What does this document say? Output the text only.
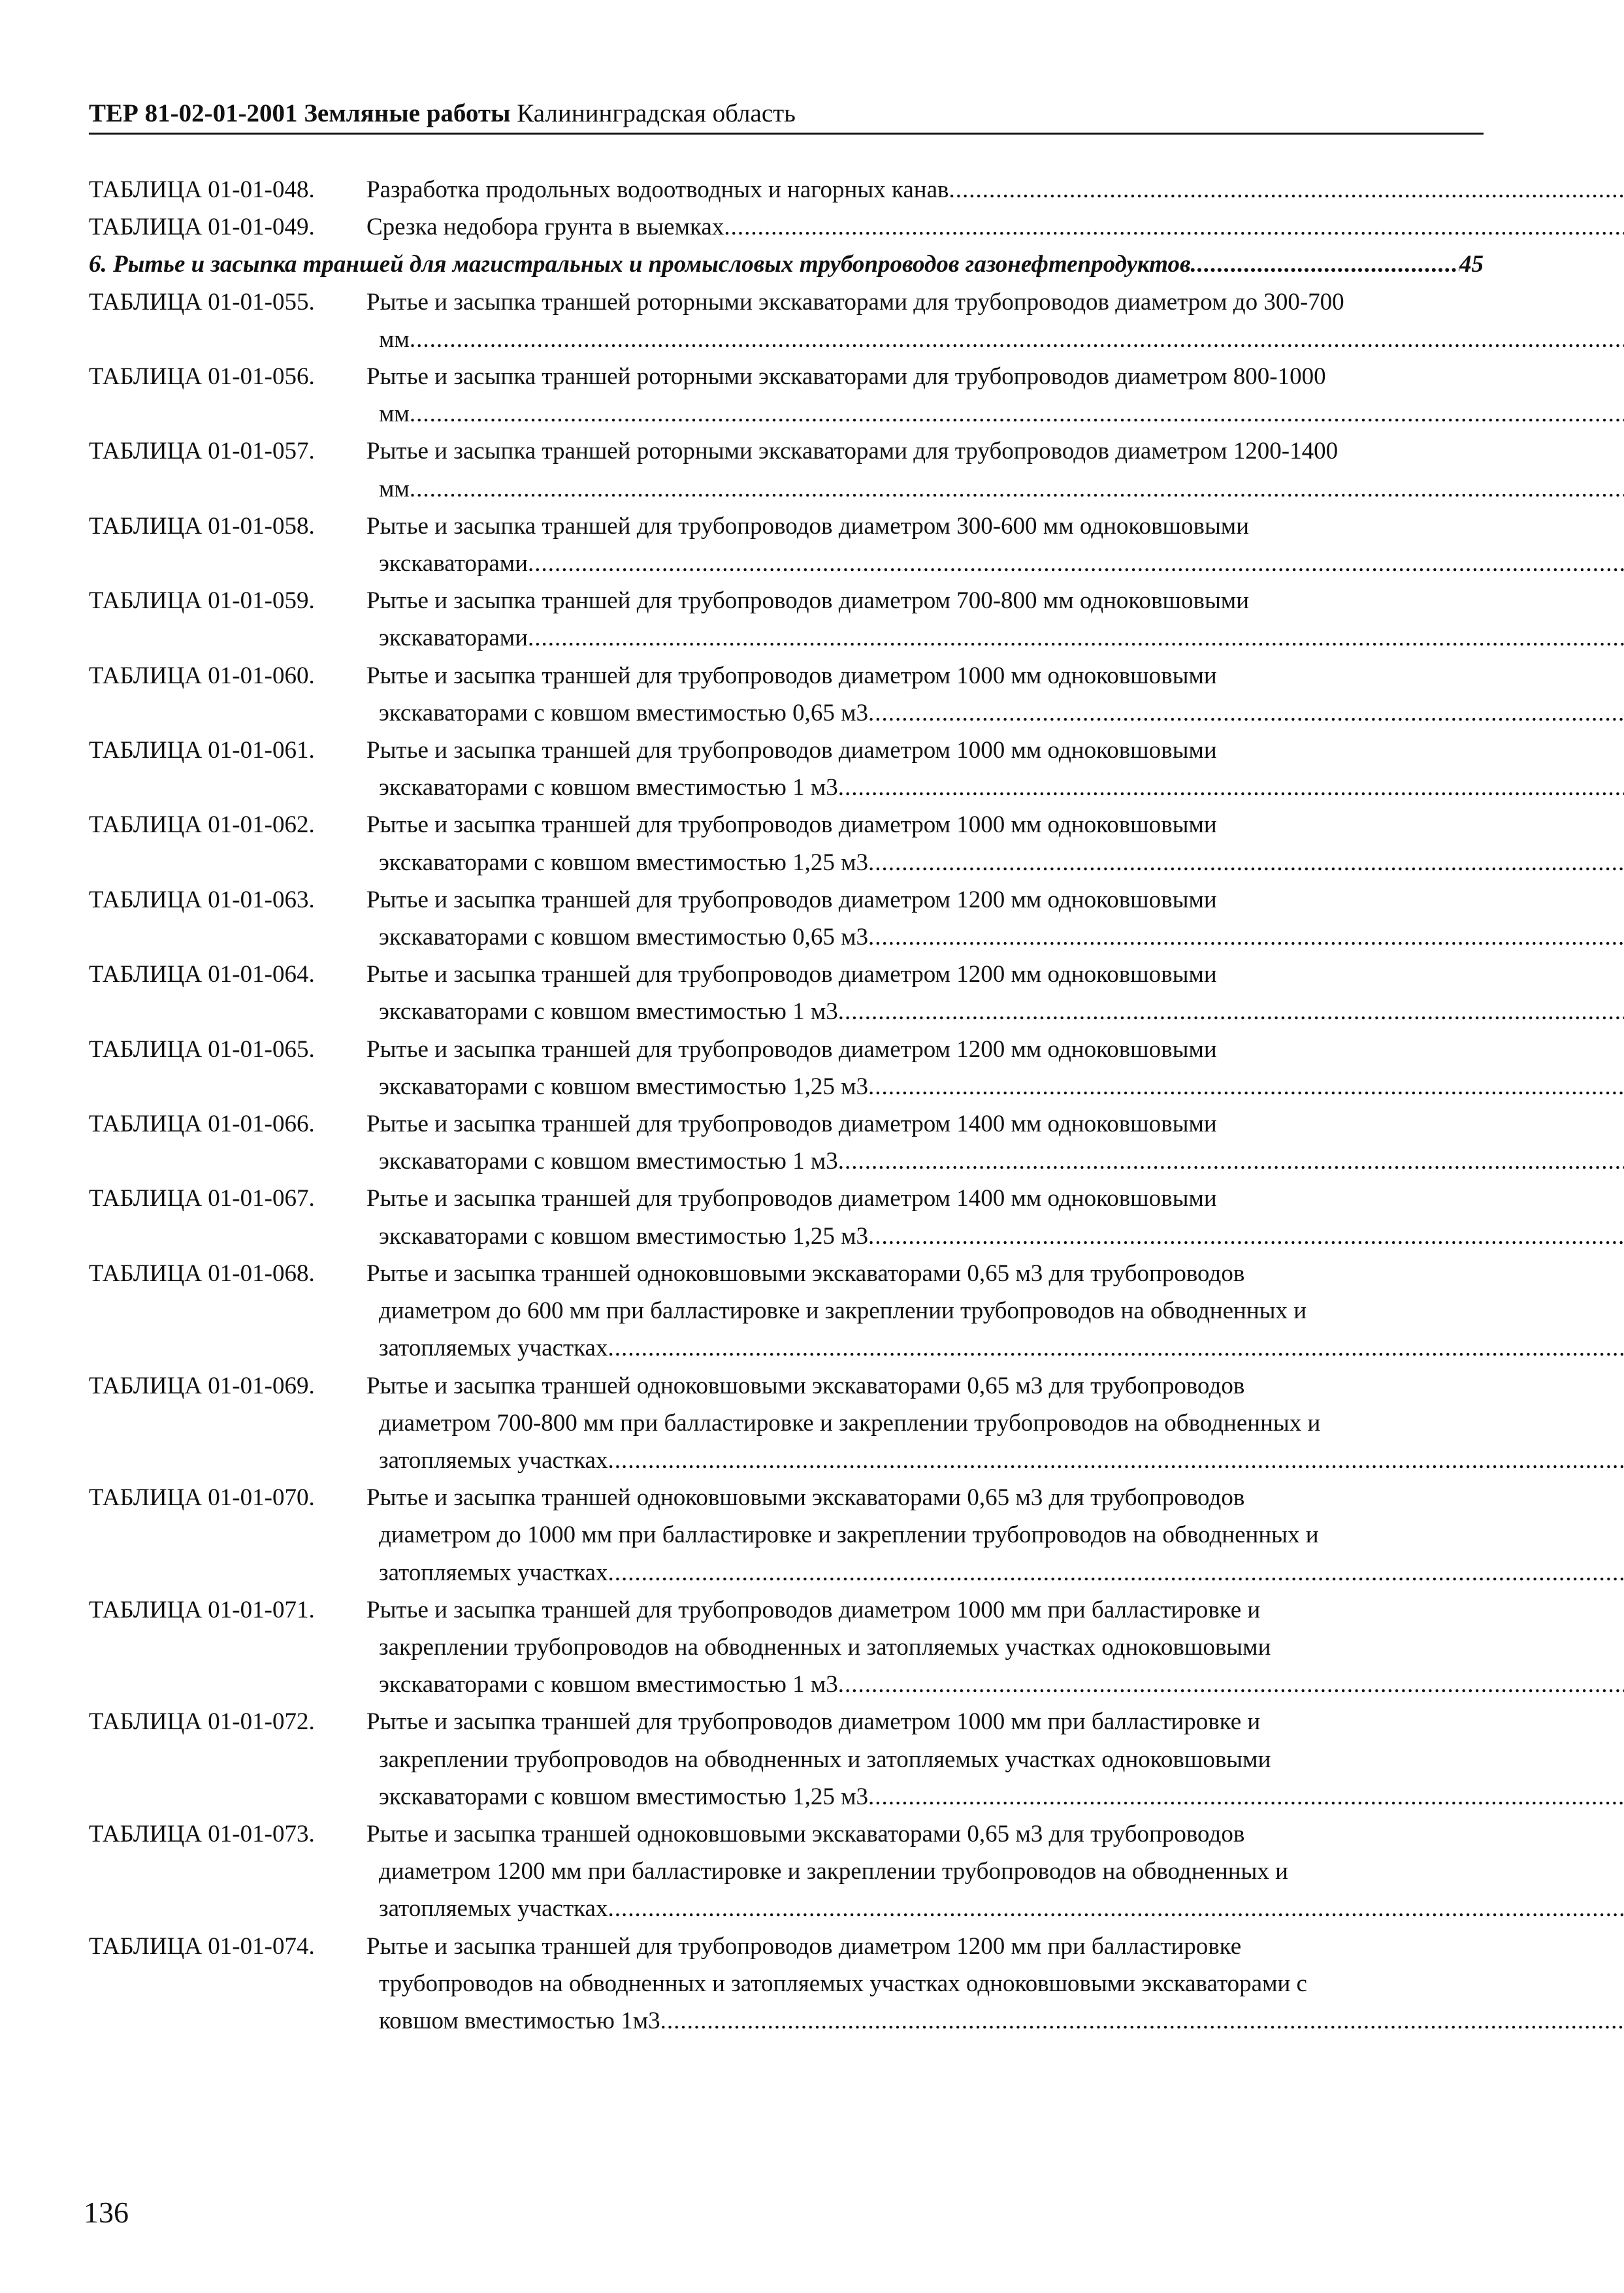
ТЕР 81-02-01-2001 Земляные работы Калининградская область
ТАБЛИЦА 01-01-048.	Разработка продольных водоотводных и нагорных канав
.....
ТАБЛИЦА 01-01-049.	Срезка недобора грунта в выемках
.....
6. Рытье и засыпка траншей для магистральных и промысловых трубопроводов газонефтепродуктов
.....	45
ТАБЛИЦА 01-01-055.	Рытье и засыпка траншей роторными экскаваторами для трубопроводов диаметром до 300-700
мм
.....
ТАБЛИЦА 01-01-056.	Рытье и засыпка траншей роторными экскаваторами для трубопроводов диаметром 800-1000
мм
.....
ТАБЛИЦА 01-01-057.	Рытье и засыпка траншей роторными экскаваторами для трубопроводов диаметром 1200-1400
мм
.....
ТАБЛИЦА 01-01-058.	Рытье и засыпка траншей для трубопроводов диаметром 300-600 мм одноковшовыми
экскаваторами
.....
ТАБЛИЦА 01-01-059.	Рытье и засыпка траншей для трубопроводов диаметром 700-800 мм одноковшовыми
экскаваторами
.....
ТАБЛИЦА 01-01-060.	Рытье и засыпка траншей для трубопроводов диаметром 1000 мм одноковшовыми
экскаваторами с ковшом вместимостью 0,65 м3
.....
ТАБЛИЦА 01-01-061.	Рытье и засыпка траншей для трубопроводов диаметром 1000 мм одноковшовыми
экскаваторами с ковшом вместимостью 1 м3
.....
ТАБЛИЦА 01-01-062.	Рытье и засыпка траншей для трубопроводов диаметром 1000 мм одноковшовыми
экскаваторами с ковшом вместимостью 1,25 м3
.....
ТАБЛИЦА 01-01-063.	Рытье и засыпка траншей для трубопроводов диаметром 1200 мм одноковшовыми
экскаваторами с ковшом вместимостью 0,65 м3
.....
ТАБЛИЦА 01-01-064.	Рытье и засыпка траншей для трубопроводов диаметром 1200 мм одноковшовыми
экскаваторами с ковшом вместимостью 1 м3
.....
ТАБЛИЦА 01-01-065.	Рытье и засыпка траншей для трубопроводов диаметром 1200 мм одноковшовыми
экскаваторами с ковшом вместимостью 1,25 м3
.....
ТАБЛИЦА 01-01-066.	Рытье и засыпка траншей для трубопроводов диаметром 1400 мм одноковшовыми
экскаваторами с ковшом вместимостью 1 м3
.....
ТАБЛИЦА 01-01-067.	Рытье и засыпка траншей для трубопроводов диаметром 1400 мм одноковшовыми
экскаваторами с ковшом вместимостью 1,25 м3
.....
ТАБЛИЦА 01-01-068.	Рытье и засыпка траншей одноковшовыми экскаваторами 0,65 м3 для трубопроводов
диаметром до 600 мм при балластировке и закреплении трубопроводов на обводненных и
затопляемых участках
.....
ТАБЛИЦА 01-01-069.	Рытье и засыпка траншей одноковшовыми экскаваторами 0,65 м3 для трубопроводов
диаметром 700-800 мм при балластировке и закреплении трубопроводов на обводненных и
затопляемых участках
.....
ТАБЛИЦА 01-01-070.	Рытье и засыпка траншей одноковшовыми экскаваторами 0,65 м3 для трубопроводов
диаметром до 1000 мм при балластировке и закреплении трубопроводов на обводненных и
затопляемых участках
.....
ТАБЛИЦА 01-01-071.	Рытье и засыпка траншей для трубопроводов диаметром 1000 мм при балластировке и
закреплении трубопроводов на обводненных и затопляемых участках одноковшовыми
экскаваторами с ковшом вместимостью 1 м3
.....
ТАБЛИЦА 01-01-072.	Рытье и засыпка траншей для трубопроводов диаметром 1000 мм при балластировке и
закреплении трубопроводов на обводненных и затопляемых участках одноковшовыми
экскаваторами с ковшом вместимостью 1,25 м3
.....
ТАБЛИЦА 01-01-073.	Рытье и засыпка траншей одноковшовыми экскаваторами 0,65 м3 для трубопроводов
диаметром 1200 мм при балластировке и закреплении трубопроводов на обводненных и
затопляемых участках
.....
ТАБЛИЦА 01-01-074.	Рытье и засыпка траншей для трубопроводов диаметром 1200 мм при балластировке
трубопроводов на обводненных и затопляемых участках одноковшовыми экскаваторами с
ковшом вместимостью 1м3
.....
136
